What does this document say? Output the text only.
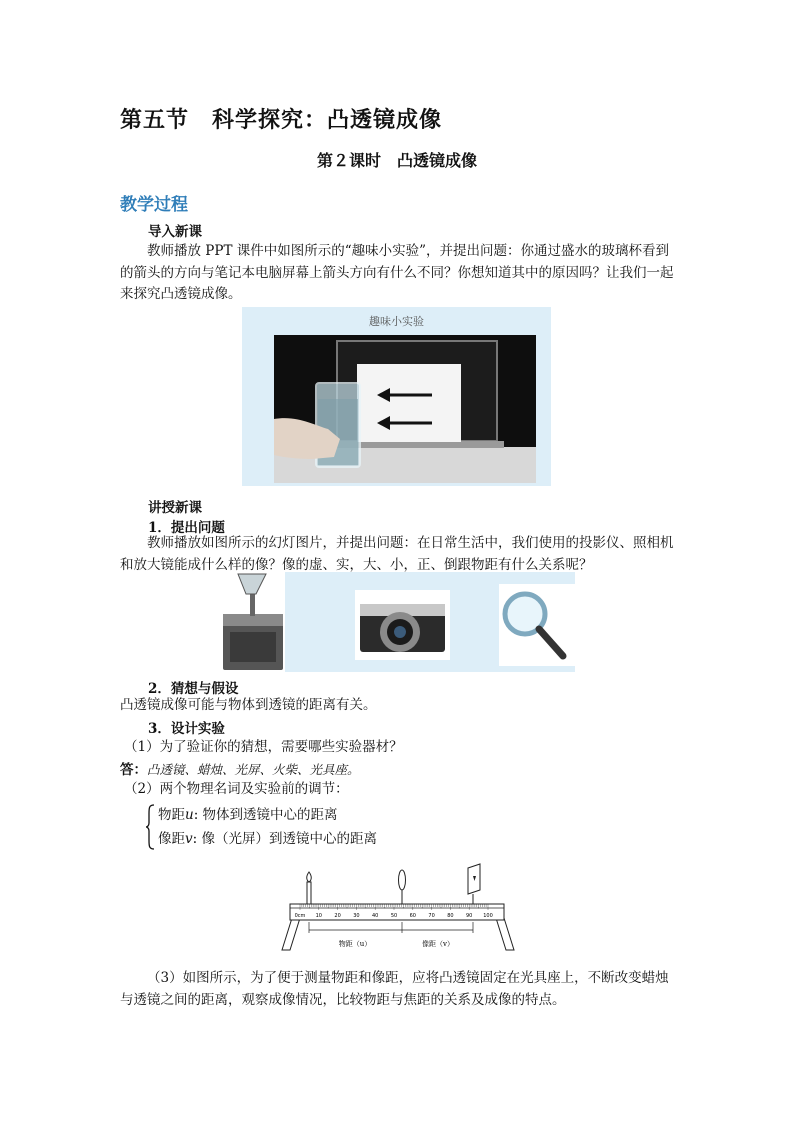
第五节　科学探究：凸透镜成像
第２课时　凸透镜成像
教学过程
导入新课
教师播放 PPT 课件中如图所示的“趣味小实验”，并提出问题：你通过盛水的玻璃杯看到的箭头的方向与笔记本电脑屏幕上箭头方向有什么不同？你想知道其中的原因吗？让我们一起来探究凸透镜成像。
趣味小实验
讲授新课
1．提出问题
教师播放如图所示的幻灯图片，并提出问题：在日常生活中，我们使用的投影仪、照相机和放大镜能成什么样的像？像的虚、实，大、小，正、倒跟物距有什么关系呢？
2．猜想与假设
凸透镜成像可能与物体到透镜的距离有关。
3．设计实验
（1）为了验证你的猜想，需要哪些实验器材？
答：凸透镜、蜡烛、光屏、火柴、光具座。
（2）两个物理名词及实验前的调节：
物距u: 物体到透镜中心的距离
像距v: 像（光屏）到透镜中心的距离
0cm 10 20 30 40 50 60 70 80 90 100
物距（u）	像距（v）
（3）如图所示，为了便于测量物距和像距，应将凸透镜固定在光具座上，不断改变蜡烛与透镜之间的距离，观察成像情况，比较物距与焦距的关系及成像的特点。
